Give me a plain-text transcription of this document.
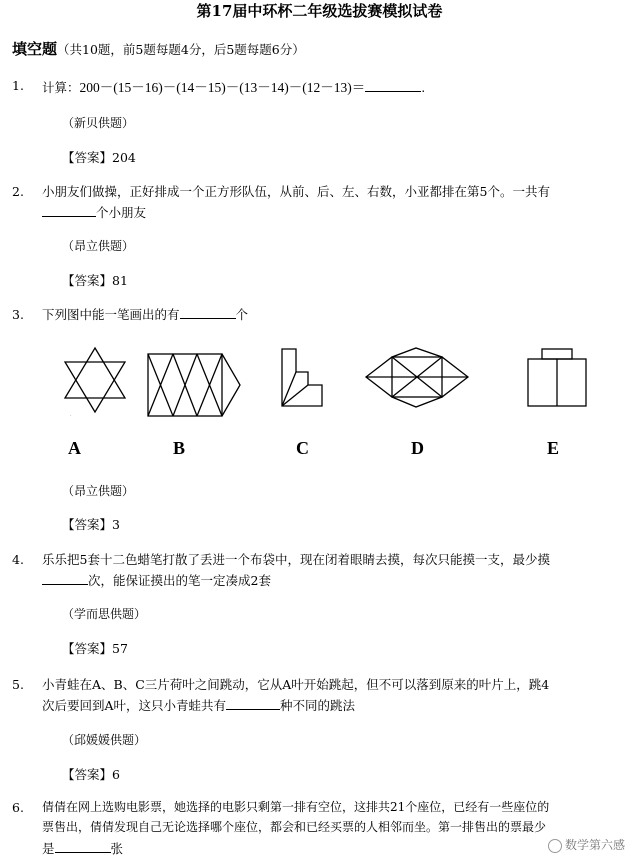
第17届中环杯二年级选拔赛模拟试卷
填空题（共10题，前5题每题4分，后5题每题6分）
1. 计算：200－(15－16)－(14－15)－(13－14)－(12－13)＝	.
（新贝供题）
【答案】204
2. 小朋友们做操，正好排成一个正方形队伍，从前、后、左、右数，小亚都排在第5个。一共有
个小朋友
（昂立供题）
【答案】81
3. 下列图中能一笔画出的有	个
·
A	B	C	D	E
（昂立供题）
【答案】3
4. 乐乐把5套十二色蜡笔打散了丢进一个布袋中，现在闭着眼睛去摸，每次只能摸一支，最少摸
次，能保证摸出的笔一定凑成2套
（学而思供题）
【答案】57
5. 小青蛙在A、B、C三片荷叶之间跳动，它从A叶开始跳起，但不可以落到原来的叶片上，跳4
次后要回到A叶，这只小青蛙共有	种不同的跳法
（邱媛媛供题）
【答案】6
6. 倩倩在网上选购电影票，她选择的电影只剩第一排有空位，这排共21个座位，已经有一些座位的
票售出，倩倩发现自己无论选择哪个座位，都会和已经买票的人相邻而坐。第一排售出的票最少
是	张	数学第六感
